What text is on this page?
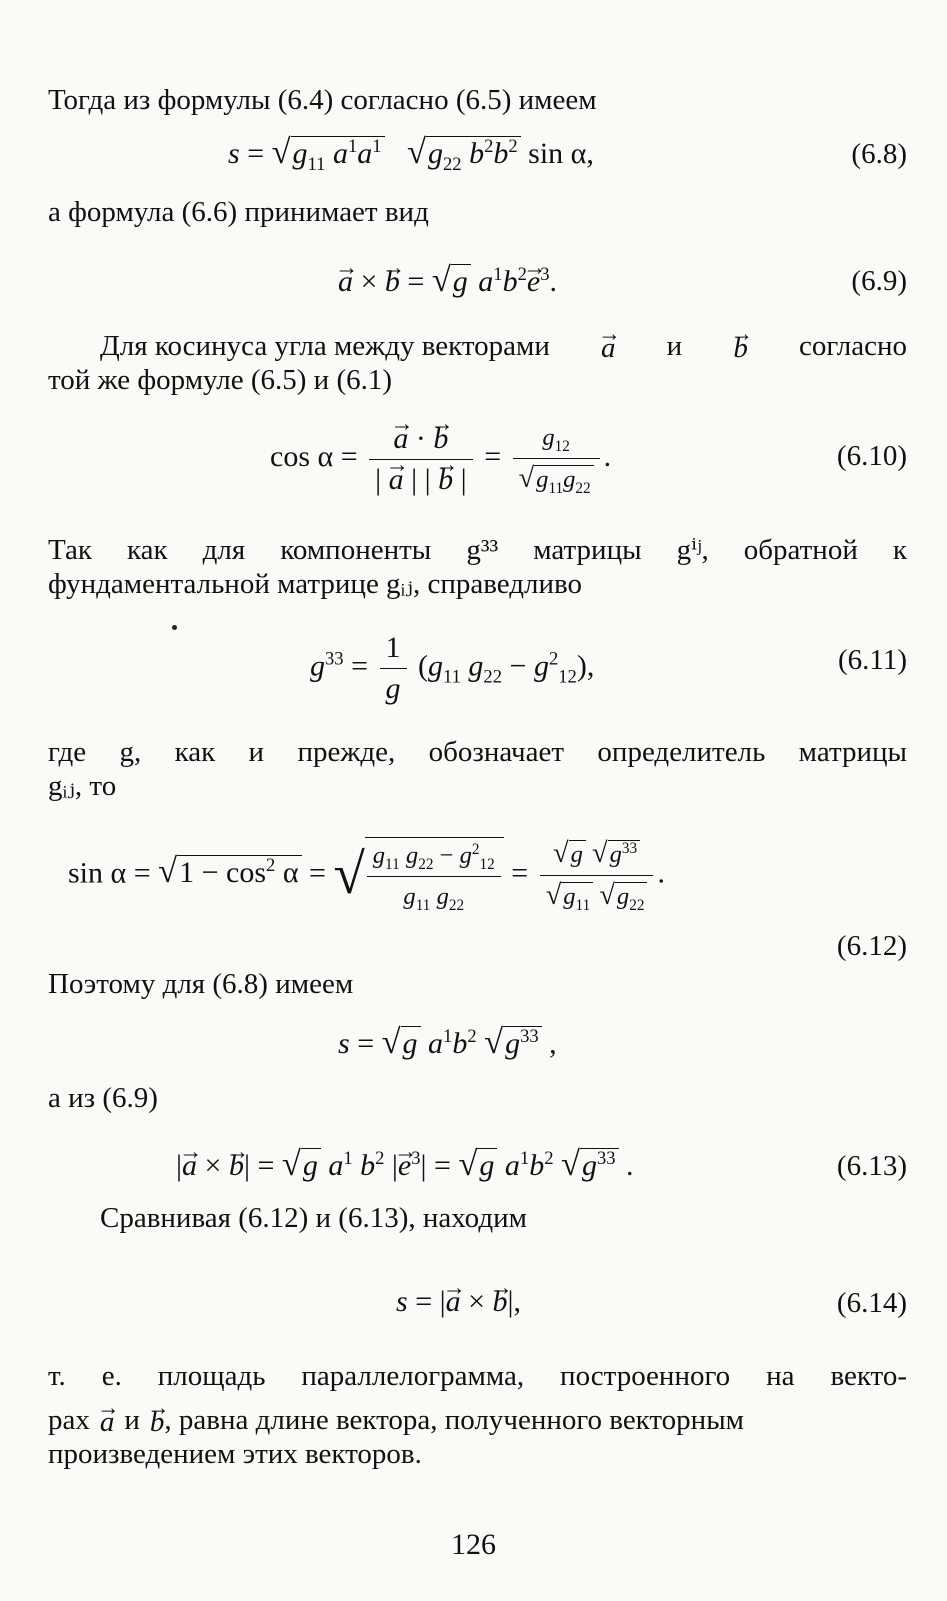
Тогда из формулы (6.4) согласно (6.5) имеем
$s = √g_{11}$ $a^1a^1$ $√g_{22}$ $b^2b^2$ sin α,	(6.8)
а формула (6.6) принимает вид
→ a × → b = √g $a^1b^2\to e^3$.	(6.9)
Для косинуса угла между векторами → a и → b согласно
той же формуле (6.5) и (6.1)
cos α = → $\frac{a \cdot \to b}{| \to a | | \to b |} = \frac{g_{12}}{√g_{11}g_{22}}$ .	(6.10)
Так как для компоненты g³³ матрицы gⁱʲ, обратной к
фундаментальной матрице gᵢⱼ, справедливо
$g^{33} = \frac{1}{g} (g_{11}$ $g_{22} - g^2_{12}$),	(6.11)
где g, как и прежде, обозначает определитель матрицы
gᵢⱼ, то
$\sin \alpha = √1 - \cos^2 \alpha$ = √ $\frac{g_{11} g_{22} - g^2_{12}}{g_{11} g_{22}} = \frac{√g √g^{33}}{√g_{11} √g_{22}}$ .
(6.12)
Поэтому для (6.8) имеем
s = √g $a^1b^2$ $√g^{33}$ ,
а из (6.9)
|→ a × → b| = √g $a^1$ $b^2$ |→ $e^3| = √g$ $a^1b^2$ $√g^{33}$ .	(6.13)
Сравнивая (6.12) и (6.13), находим
s = |→ a × → b|,	(6.14)
т. е. площадь параллелограмма, построенного на векто-
рах → a и → b , равна длине вектора, полученного векторным
произведением этих векторов.
126
